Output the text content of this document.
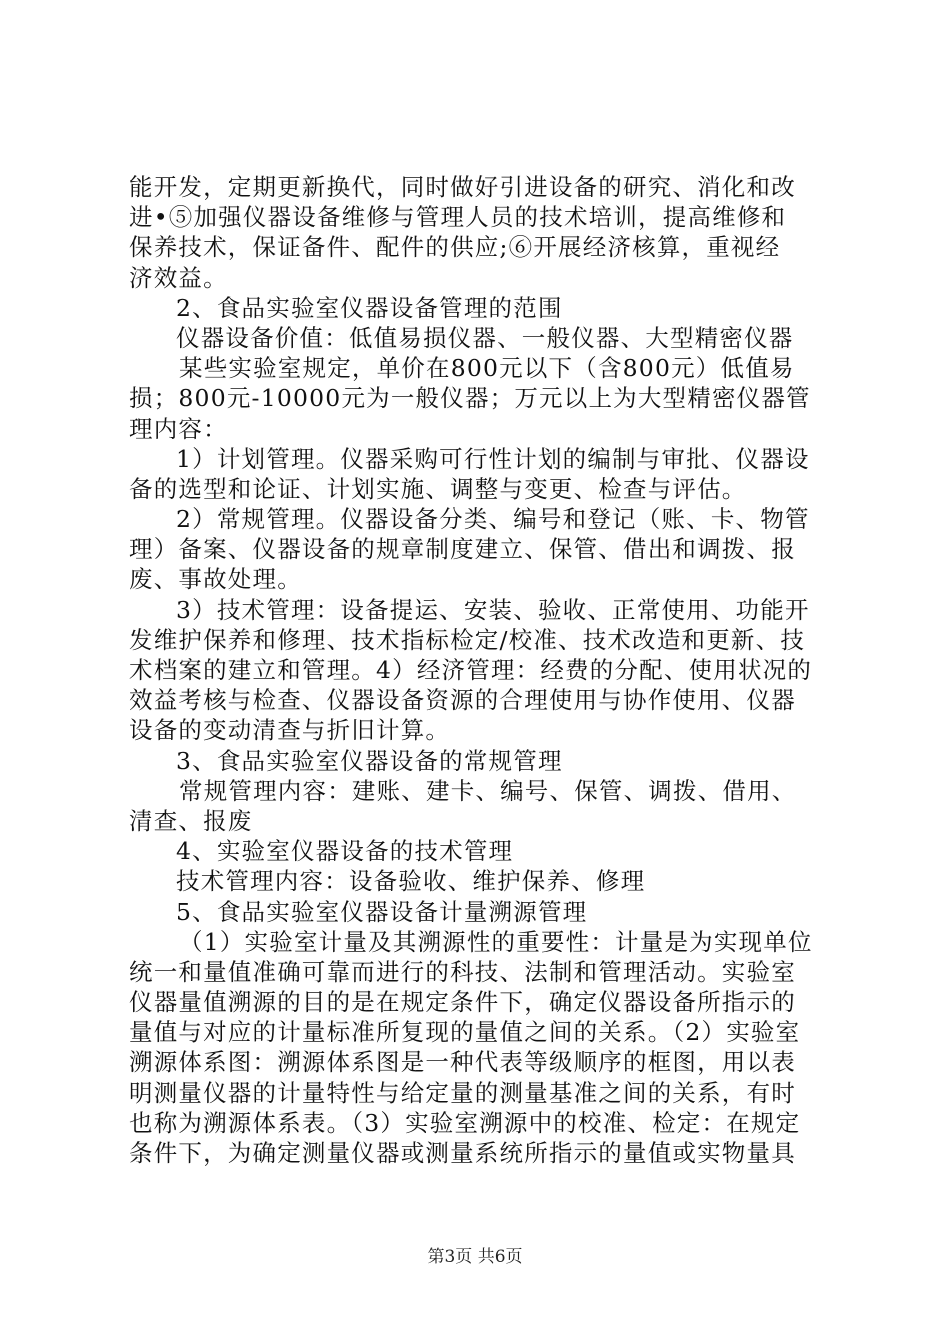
能开发，定期更新换代，同时做好引进设备的研究、消化和改
进•⑤加强仪器设备维修与管理人员的技术培训，提高维修和
保养技术，保证备件、配件的供应;⑥开展经济核算，重视经
济效益。
2、食品实验室仪器设备管理的范围
仪器设备价值：低值易损仪器、一般仪器、大型精密仪器
某些实验室规定，单价在800元以下（含800元）低值易
损；800元-10000元为一般仪器；万元以上为大型精密仪器管
理内容：
1）计划管理。仪器采购可行性计划的编制与审批、仪器设
备的选型和论证、计划实施、调整与变更、检查与评估。
2）常规管理。仪器设备分类、编号和登记（账、卡、物管
理）备案、仪器设备的规章制度建立、保管、借出和调拨、报
废、事故处理。
3）技术管理：设备提运、安装、验收、正常使用、功能开
发维护保养和修理、技术指标检定/校准、技术改造和更新、技
术档案的建立和管理。4）经济管理：经费的分配、使用状况的
效益考核与检查、仪器设备资源的合理使用与协作使用、仪器
设备的变动清查与折旧计算。
3、食品实验室仪器设备的常规管理
常规管理内容：建账、建卡、编号、保管、调拨、借用、
清查、报废
4、实验室仪器设备的技术管理
技术管理内容：设备验收、维护保养、修理
5、食品实验室仪器设备计量溯源管理
（1）实验室计量及其溯源性的重要性：计量是为实现单位
统一和量值准确可靠而进行的科技、法制和管理活动。实验室
仪器量值溯源的目的是在规定条件下，确定仪器设备所指示的
量值与对应的计量标准所复现的量值之间的关系。（2）实验室
溯源体系图：溯源体系图是一种代表等级顺序的框图，用以表
明测量仪器的计量特性与给定量的测量基准之间的关系，有时
也称为溯源体系表。（3）实验室溯源中的校准、检定：在规定
条件下，为确定测量仪器或测量系统所指示的量值或实物量具
第3页 共6页
